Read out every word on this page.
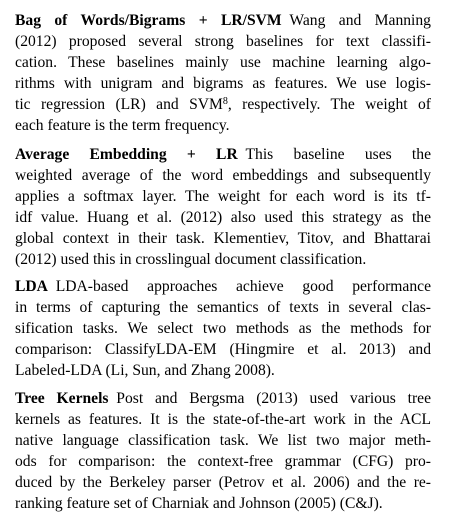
Bag of Words/Bigrams + LR/SVM Wang and Manning
(2012) proposed several strong baselines for text classifi-
cation. These baselines mainly use machine learning algo-
rithms with unigram and bigrams as features. We use logis-
tic regression (LR) and SVM$^8$, respectively. The weight of
each feature is the term frequency.
Average Embedding + LR This baseline uses the
weighted average of the word embeddings and subsequently
applies a softmax layer. The weight for each word is its tf-
idf value. Huang et al. (2012) also used this strategy as the
global context in their task. Klementiev, Titov, and Bhattarai
(2012) used this in crosslingual document classification.
LDA LDA-based approaches achieve good performance
in terms of capturing the semantics of texts in several clas-
sification tasks. We select two methods as the methods for
comparison: ClassifyLDA-EM (Hingmire et al. 2013) and
Labeled-LDA (Li, Sun, and Zhang 2008).
Tree Kernels Post and Bergsma (2013) used various tree
kernels as features. It is the state-of-the-art work in the ACL
native language classification task. We list two major meth-
ods for comparison: the context-free grammar (CFG) pro-
duced by the Berkeley parser (Petrov et al. 2006) and the re-
ranking feature set of Charniak and Johnson (2005) (C&J).
